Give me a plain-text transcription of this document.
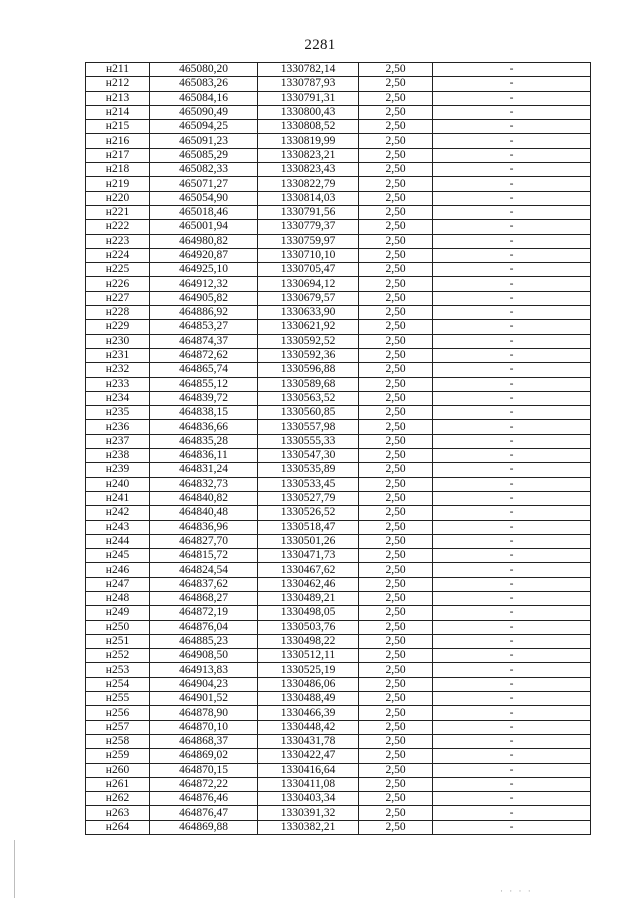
2281
н211	465080,20	1330782,14	2,50	-
н212	465083,26	1330787,93	2,50	-
н213	465084,16	1330791,31	2,50	-
н214	465090,49	1330800,43	2,50	-
н215	465094,25	1330808,52	2,50	-
н216	465091,23	1330819,99	2,50	-
н217	465085,29	1330823,21	2,50	-
н218	465082,33	1330823,43	2,50	-
н219	465071,27	1330822,79	2,50	-
н220	465054,90	1330814,03	2,50	-
н221	465018,46	1330791,56	2,50	-
н222	465001,94	1330779,37	2,50	-
н223	464980,82	1330759,97	2,50	-
н224	464920,87	1330710,10	2,50	-
н225	464925,10	1330705,47	2,50	-
н226	464912,32	1330694,12	2,50	-
н227	464905,82	1330679,57	2,50	-
н228	464886,92	1330633,90	2,50	-
н229	464853,27	1330621,92	2,50	-
н230	464874,37	1330592,52	2,50	-
н231	464872,62	1330592,36	2,50	-
н232	464865,74	1330596,88	2,50	-
н233	464855,12	1330589,68	2,50	-
н234	464839,72	1330563,52	2,50	-
н235	464838,15	1330560,85	2,50	-
н236	464836,66	1330557,98	2,50	-
н237	464835,28	1330555,33	2,50	-
н238	464836,11	1330547,30	2,50	-
н239	464831,24	1330535,89	2,50	-
н240	464832,73	1330533,45	2,50	-
н241	464840,82	1330527,79	2,50	-
н242	464840,48	1330526,52	2,50	-
н243	464836,96	1330518,47	2,50	-
н244	464827,70	1330501,26	2,50	-
н245	464815,72	1330471,73	2,50	-
н246	464824,54	1330467,62	2,50	-
н247	464837,62	1330462,46	2,50	-
н248	464868,27	1330489,21	2,50	-
н249	464872,19	1330498,05	2,50	-
н250	464876,04	1330503,76	2,50	-
н251	464885,23	1330498,22	2,50	-
н252	464908,50	1330512,11	2,50	-
н253	464913,83	1330525,19	2,50	-
н254	464904,23	1330486,06	2,50	-
н255	464901,52	1330488,49	2,50	-
н256	464878,90	1330466,39	2,50	-
н257	464870,10	1330448,42	2,50	-
н258	464868,37	1330431,78	2,50	-
н259	464869,02	1330422,47	2,50	-
н260	464870,15	1330416,64	2,50	-
н261	464872,22	1330411,08	2,50	-
н262	464876,46	1330403,34	2,50	-
н263	464876,47	1330391,32	2,50	-
н264	464869,88	1330382,21	2,50	-
· · · ·
